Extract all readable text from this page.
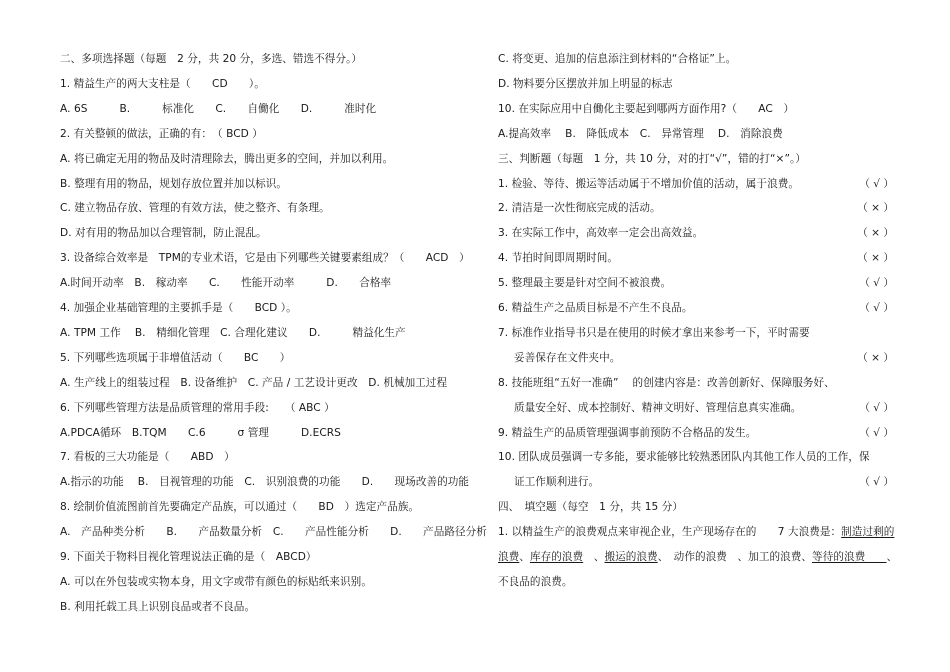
二、多项选择题（每题　2 分，共 20 分，多选、错选不得分。）
1. 精益生产的两大支柱是（　　CD　　）。
A. 6S　　　B.　　　标准化　　C.　　自働化　　D.　　　准时化
2. 有关整顿的做法，正确的有：　（ BCD ）
A. 将已确定无用的物品及时清理除去，腾出更多的空间，并加以利用。
B. 整理有用的物品，规划存放位置并加以标识。
C. 建立物品存放、管理的有效方法，使之整齐、有条理。
D. 对有用的物品加以合理管制，防止混乱。
3. 设备综合效率是　TPM的专业术语，它是由下列哪些关键要素组成？（　　ACD　）
A.时间开动率　B.　稼动率　　C.　　性能开动率　　　D.　　合格率
4. 加强企业基础管理的主要抓手是（　　BCD ）。
A. TPM 工作　 B.　精细化管理　C. 合理化建议　　D.　　　精益化生产
5. 下列哪些选项属于非增值活动（　　BC　　）
A. 生产线上的组装过程　B. 设备维护　C. 产品 / 工艺设计更改　D. 机械加工过程
6. 下列哪些管理方法是品质管理的常用手段:　　（ ABC ）
A.PDCA循环　B.TQM　　C.6　　　σ 管理　　　D.ECRS
7. 看板的三大功能是（　　ABD　）
A.指示的功能　 B.　目视管理的功能　C.　识别浪费的功能　　D.　　现场改善的功能
8. 绘制价值流图前首先要确定产品族，可以通过（　　BD　）选定产品族。
A.　产品种类分析　　B.　　产品数量分析　C.　　产品性能分析　　D.　　产品路径分析
9. 下面关于物料目视化管理说法正确的是（　ABCD）
A. 可以在外包装或实物本身，用文字或带有颜色的标贴纸来识别。
B. 利用托载工具上识别良品或者不良品。
C. 将变更、追加的信息添注到材料的“合格证”上。
D. 物料要分区摆放并加上明显的标志
10. 在实际应用中自働化主要起到哪两方面作用?（　　AC　）
A.提高效率　 B.　降低成本　C.　异常管理　 D.　消除浪费
三、判断题（每题　1 分，共 10 分，对的打“√”，错的打“×”。）
1. 检验、等待、搬运等活动属于不增加价值的活动，属于浪费。	（ √ ）
2. 清洁是一次性彻底完成的活动。	（ × ）
3. 在实际工作中，高效率一定会出高效益。	（ × ）
4. 节拍时间即周期时间。	（ × ）
5. 整理最主要是针对空间不被浪费。	（ √ ）
6. 精益生产之品质目标是不产生不良品。	（ √ ）
7. 标准作业指导书只是在使用的时候才拿出来参考一下，平时需要
妥善保存在文件夹中。	（ × ）
8. 技能班组“五好一准确”　 的创建内容是：改善创新好、保障服务好、
质量安全好、成本控制好、精神文明好、管理信息真实准确。	（ √ ）
9. 精益生产的品质管理强调事前预防不合格品的发生。	（ √ ）
10. 团队成员强调一专多能，要求能够比较熟悉团队内其他工作人员的工作，保
证工作顺利进行。	（ √ ）
四、　填空题（每空　1 分，共 15 分）
1. 以精益生产的浪费观点来审视企业，生产现场存在的　　7 大浪费是：制造过剩的
浪费、库存的浪费　、搬运的浪费、　动作的浪费　、加工的浪费、等待的浪费　　、
不良品的浪费。
